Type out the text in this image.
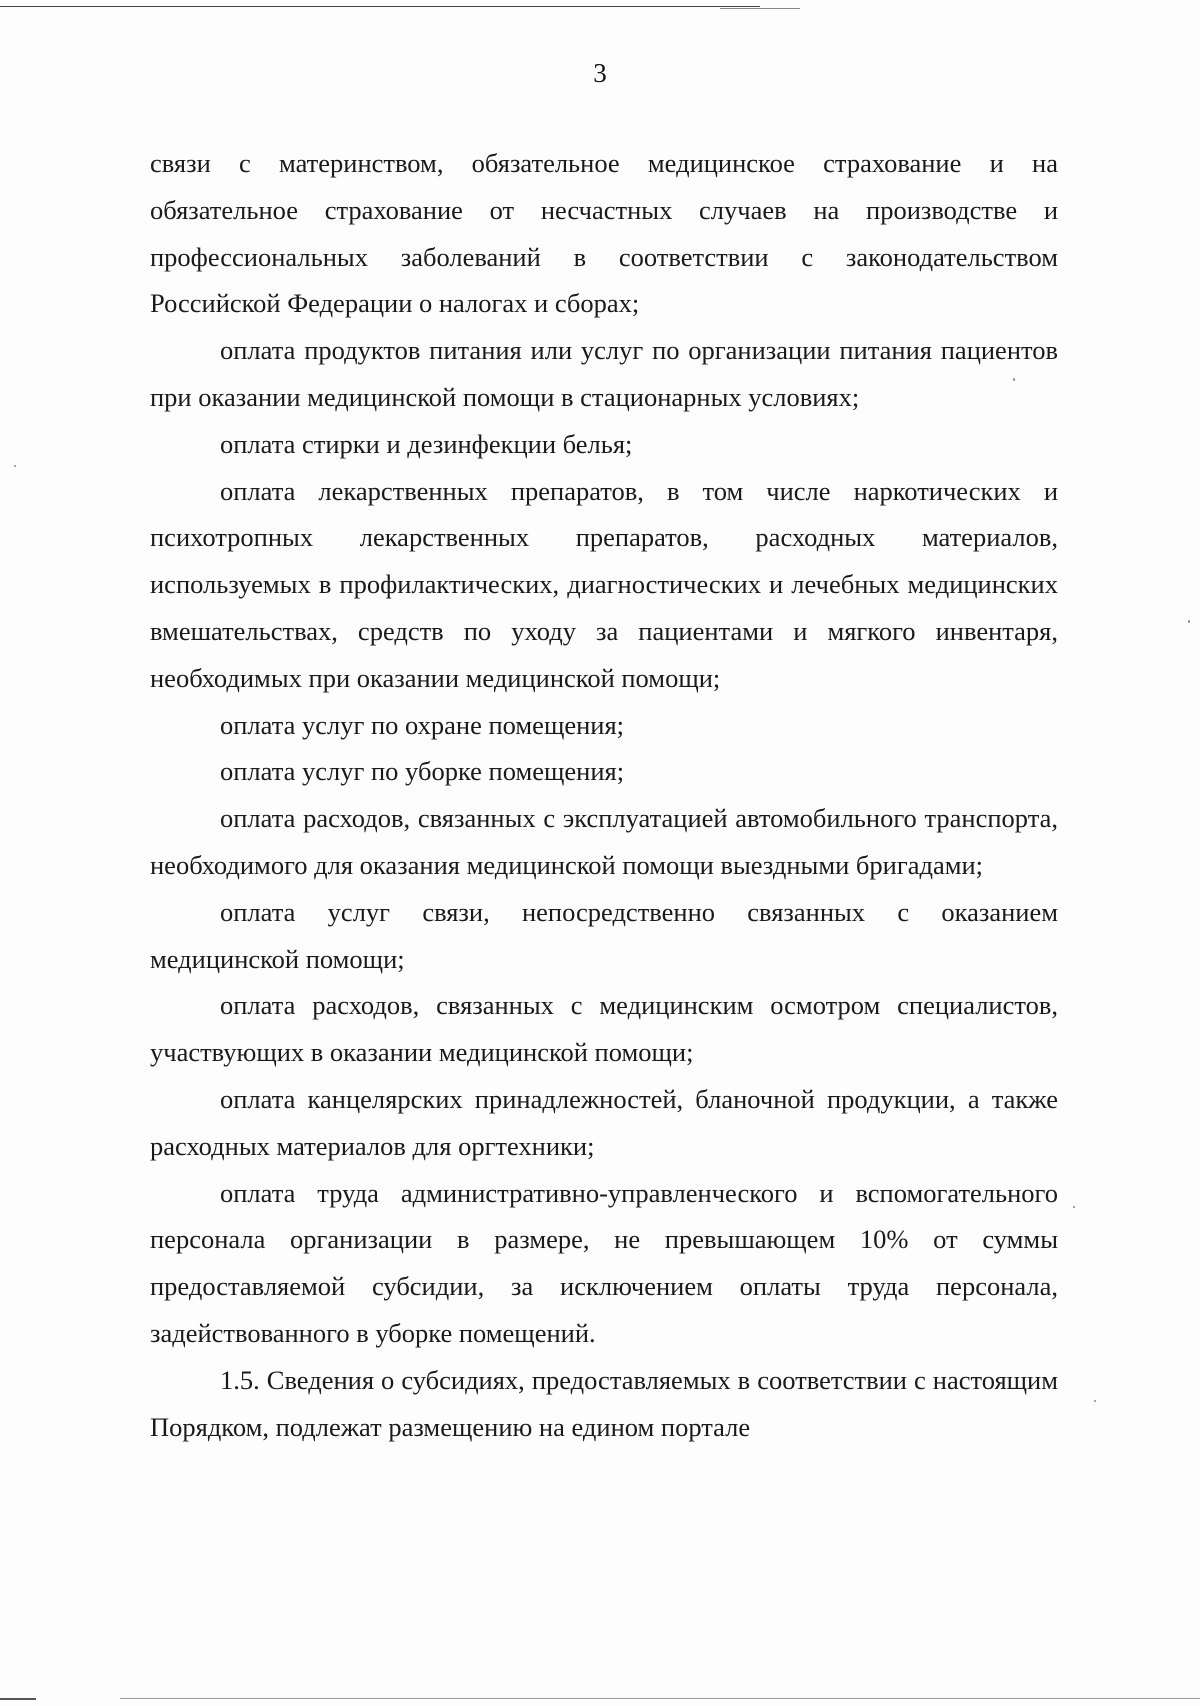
3

связи с материнством, обязательное медицинское страхование и на обязательное страхование от несчастных случаев на производстве и профессиональных заболеваний в соответствии с законодательством Российской Федерации о налогах и сборах;

оплата продуктов питания или услуг по организации питания пациентов при оказании медицинской помощи в стационарных условиях;

оплата стирки и дезинфекции белья;

оплата лекарственных препаратов, в том числе наркотических и психотропных лекарственных препаратов, расходных материалов, используемых в профилактических, диагностических и лечебных медицинских вмешательствах, средств по уходу за пациентами и мягкого инвентаря, необходимых при оказании медицинской помощи;

оплата услуг по охране помещения;

оплата услуг по уборке помещения;

оплата расходов, связанных с эксплуатацией автомобильного транспорта, необходимого для оказания медицинской помощи выездными бригадами;

оплата услуг связи, непосредственно связанных с оказанием медицинской помощи;

оплата расходов, связанных с медицинским осмотром специалистов, участвующих в оказании медицинской помощи;

оплата канцелярских принадлежностей, бланочной продукции, а также расходных материалов для оргтехники;

оплата труда административно-управленческого и вспомогательного персонала организации в размере, не превышающем 10% от суммы предоставляемой субсидии, за исключением оплаты труда персонала, задействованного в уборке помещений.

1.5. Сведения о субсидиях, предоставляемых в соответствии с настоящим Порядком, подлежат размещению на едином портале
